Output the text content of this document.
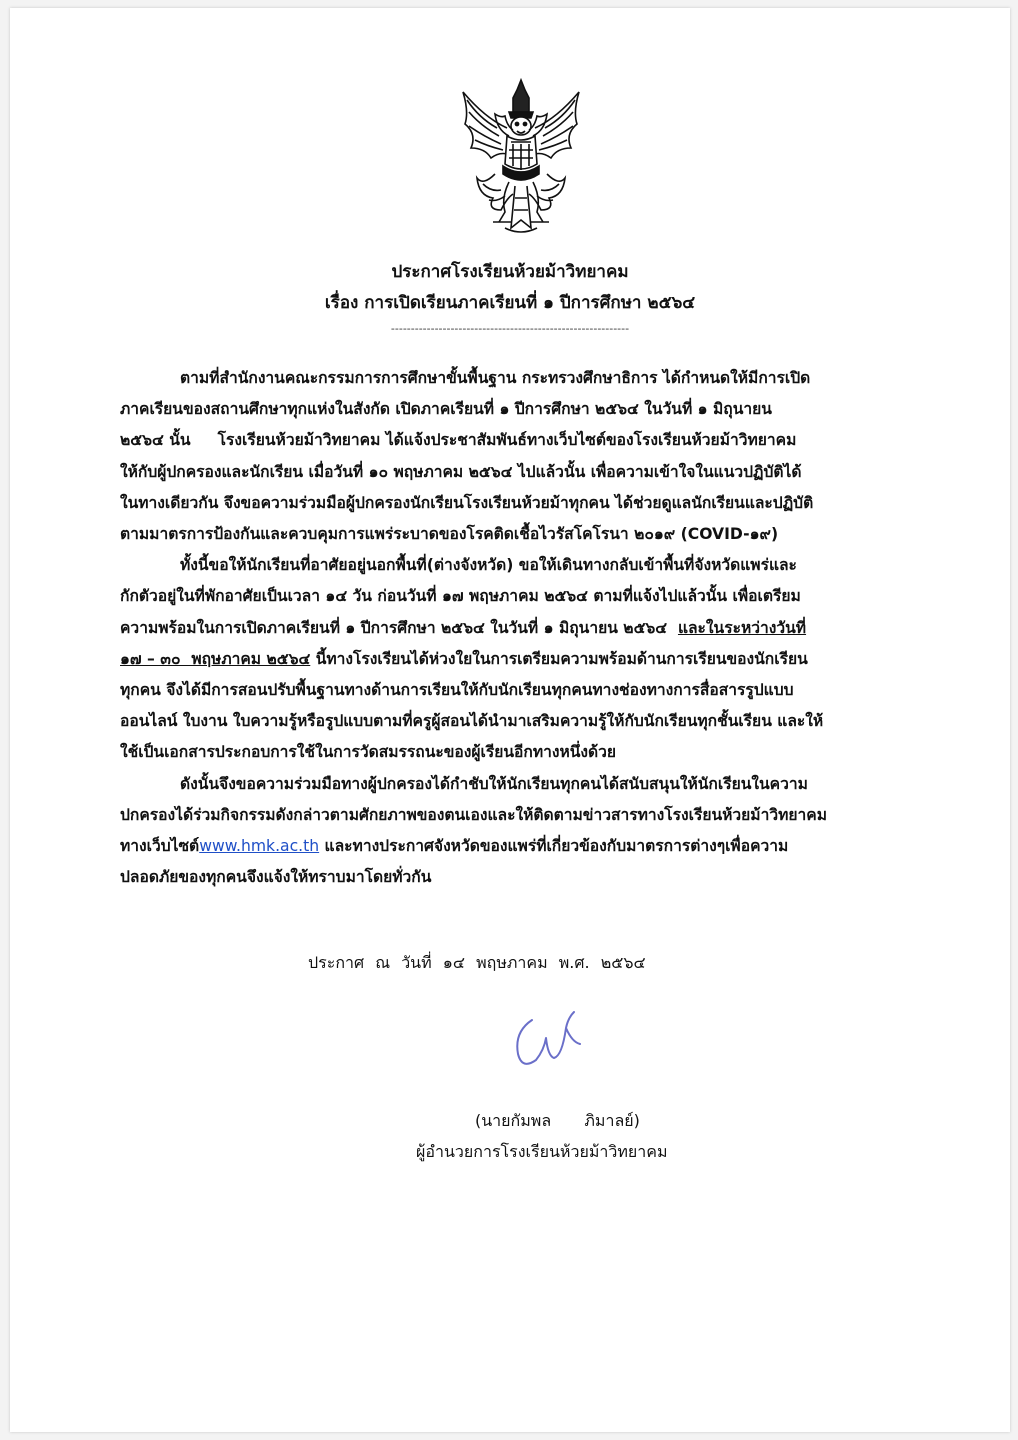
ประกาศโรงเรียนห้วยม้าวิทยาคม
เรื่อง การเปิดเรียนภาคเรียนที่ ๑ ปีการศึกษา ๒๕๖๔
------------------------------------------------------------
ตามที่สำนักงานคณะกรรมการการศึกษาขั้นพื้นฐาน กระทรวงศึกษาธิการ ได้กำหนดให้มีการเปิด
ภาคเรียนของสถานศึกษาทุกแห่งในสังกัด เปิดภาคเรียนที่ ๑ ปีการศึกษา ๒๕๖๔ ในวันที่ ๑ มิถุนายน
๒๕๖๔ นั้น     โรงเรียนห้วยม้าวิทยาคม ได้แจ้งประชาสัมพันธ์ทางเว็บไซต์ของโรงเรียนห้วยม้าวิทยาคม
ให้กับผู้ปกครองและนักเรียน เมื่อวันที่ ๑๐ พฤษภาคม ๒๕๖๔ ไปแล้วนั้น เพื่อความเข้าใจในแนวปฏิบัติได้
ในทางเดียวกัน จึงขอความร่วมมือผู้ปกครองนักเรียนโรงเรียนห้วยม้าทุกคน ได้ช่วยดูแลนักเรียนและปฏิบัติ
ตามมาตรการป้องกันและควบคุมการแพร่ระบาดของโรคติดเชื้อไวรัสโคโรนา ๒๐๑๙ (COVID-๑๙)
ทั้งนี้ขอให้นักเรียนที่อาศัยอยู่นอกพื้นที่(ต่างจังหวัด) ขอให้เดินทางกลับเข้าพื้นที่จังหวัดแพร่และ
กักตัวอยู่ในที่พักอาศัยเป็นเวลา ๑๔ วัน ก่อนวันที่ ๑๗ พฤษภาคม ๒๕๖๔ ตามที่แจ้งไปแล้วนั้น เพื่อเตรียม
ความพร้อมในการเปิดภาคเรียนที่ ๑ ปีการศึกษา ๒๕๖๔ ในวันที่ ๑ มิถุนายน ๒๕๖๔  และในระหว่างวันที่
๑๗ – ๓๐  พฤษภาคม ๒๕๖๔ นี้ทางโรงเรียนได้ห่วงใยในการเตรียมความพร้อมด้านการเรียนของนักเรียน
ทุกคน จึงได้มีการสอนปรับพื้นฐานทางด้านการเรียนให้กับนักเรียนทุกคนทางช่องทางการสื่อสารรูปแบบ
ออนไลน์ ใบงาน ใบความรู้หรือรูปแบบตามที่ครูผู้สอนได้นำมาเสริมความรู้ให้กับนักเรียนทุกชั้นเรียน และให้
ใช้เป็นเอกสารประกอบการใช้ในการวัดสมรรถนะของผู้เรียนอีกทางหนึ่งด้วย
ดังนั้นจึงขอความร่วมมือทางผู้ปกครองได้กำชับให้นักเรียนทุกคนได้สนับสนุนให้นักเรียนในความ
ปกครองได้ร่วมกิจกรรมดังกล่าวตามศักยภาพของตนเองและให้ติดตามข่าวสารทางโรงเรียนห้วยม้าวิทยาคม
ทางเว็บไซต์www.hmk.ac.th และทางประกาศจังหวัดของแพร่ที่เกี่ยวข้องกับมาตรการต่างๆเพื่อความ
ปลอดภัยของทุกคนจึงแจ้งให้ทราบมาโดยทั่วกัน
ประกาศ ณ วันที่ ๑๔ พฤษภาคม พ.ศ. ๒๕๖๔
(นายกัมพล   ภิมาลย์)
ผู้อำนวยการโรงเรียนห้วยม้าวิทยาคม
